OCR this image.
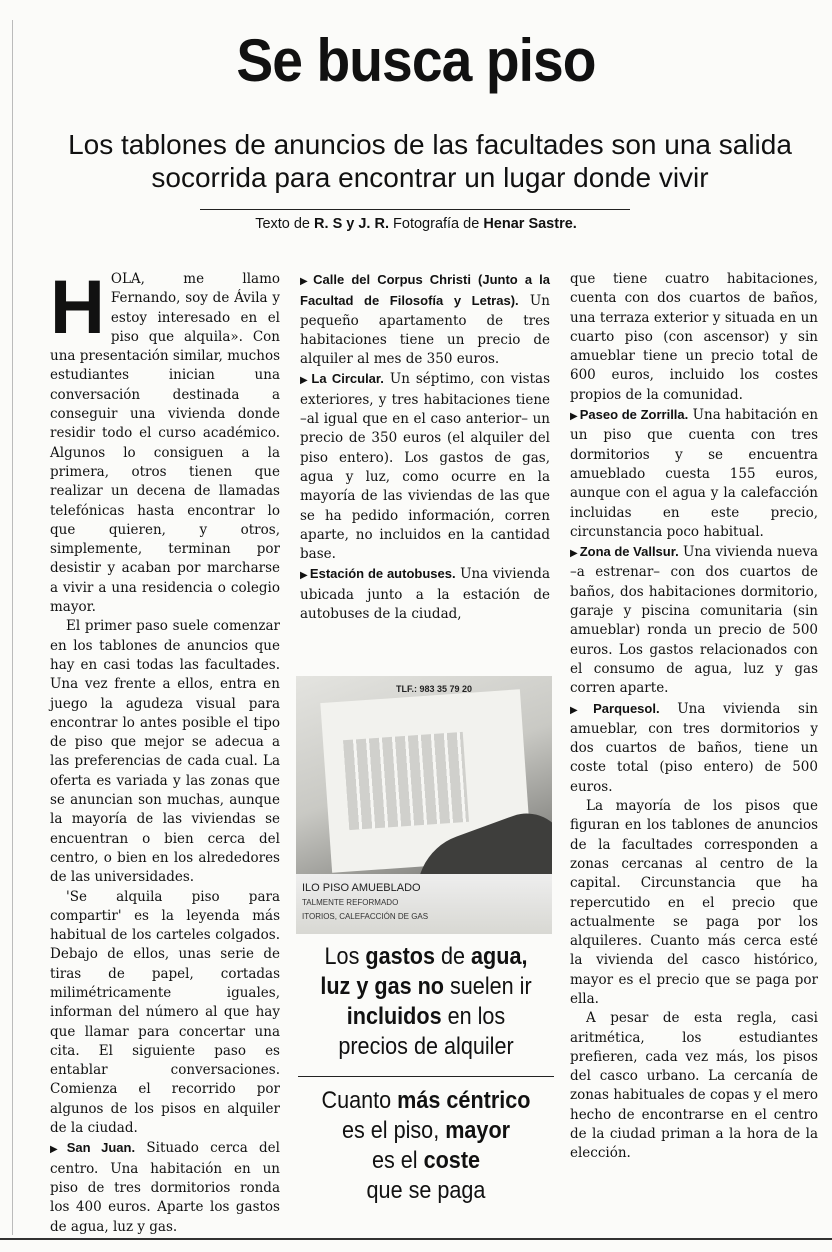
Se busca piso

Los tablones de anuncios de las facultades son una salida socorrida para encontrar un lugar donde vivir

Texto de R. S y J. R. Fotografía de Henar Sastre.
H OLA, me llamo Fernando, soy de Ávila y estoy interesado en el piso que alquila». Con una presentación similar, muchos estudiantes inician una conversación destinada a conseguir una vivienda donde residir todo el curso académico. Algunos lo consiguen a la primera, otros tienen que realizar un decena de llamadas telefónicas hasta encontrar lo que quieren, y otros, simplemente, terminan por desistir y acaban por marcharse a vivir a una residencia o colegio mayor.

El primer paso suele comenzar en los tablones de anuncios que hay en casi todas las facultades. Una vez frente a ellos, entra en juego la agudeza visual para encontrar lo antes posible el tipo de piso que mejor se adecua a las preferencias de cada cual. La oferta es variada y las zonas que se anuncian son muchas, aunque la mayoría de las viviendas se encuentran o bien cerca del centro, o bien en los alrededores de las universidades.

'Se alquila piso para compartir' es la leyenda más habitual de los carteles colgados. Debajo de ellos, unas serie de tiras de papel, cortadas milimétricamente iguales, informan del número al que hay que llamar para concertar una cita. El siguiente paso es entablar conversaciones. Comienza el recorrido por algunos de los pisos en alquiler de la ciudad.

▶ San Juan. Situado cerca del centro. Una habitación en un piso de tres dormitorios ronda los 400 euros. Aparte los gastos de agua, luz y gas.

▶ Calle del Corpus Christi (Junto a la Facultad de Filosofía y Letras). Un pequeño apartamento de tres habitaciones tiene un precio de alquiler al mes de 350 euros.

▶ La Circular. Un séptimo, con vistas exteriores, y tres habitaciones tiene –al igual que en el caso anterior– un precio de 350 euros (el alquiler del piso entero). Los gastos de gas, agua y luz, como ocurre en la mayoría de las viviendas de las que se ha pedido información, corren aparte, no incluidos en la cantidad base.

▶ Estación de autobuses. Una vivienda ubicada junto a la estación de autobuses de la ciudad,

TLF.: 983 35 79 20
ILO PISO AMUEBLADO
TALMENTE REFORMADO
ITORIOS, CALEFACCIÓN DE GAS
Los gastos de agua, luz y gas no suelen ir incluidos en los precios de alquiler
Cuanto más céntrico
es el piso, mayor
es el coste
que se paga

que tiene cuatro habitaciones, cuenta con dos cuartos de baños, una terraza exterior y situada en un cuarto piso (con ascensor) y sin amueblar tiene un precio total de 600 euros, incluido los costes propios de la comunidad.

▶ Paseo de Zorrilla. Una habitación en un piso que cuenta con tres dormitorios y se encuentra amueblado cuesta 155 euros, aunque con el agua y la calefacción incluidas en este precio, circunstancia poco habitual.

▶ Zona de Vallsur. Una vivienda nueva –a estrenar– con dos cuartos de baños, dos habitaciones dormitorio, garaje y piscina comunitaria (sin amueblar) ronda un precio de 500 euros. Los gastos relacionados con el consumo de agua, luz y gas corren aparte.

▶ Parquesol. Una vivienda sin amueblar, con tres dormitorios y dos cuartos de baños, tiene un coste total (piso entero) de 500 euros.

La mayoría de los pisos que figuran en los tablones de anuncios de la facultades corresponden a zonas cercanas al centro de la capital. Circunstancia que ha repercutido en el precio que actualmente se paga por los alquileres. Cuanto más cerca esté la vivienda del casco histórico, mayor es el precio que se paga por ella.

A pesar de esta regla, casi aritmética, los estudiantes prefieren, cada vez más, los pisos del casco urbano. La cercanía de zonas habituales de copas y el mero hecho de encontrarse en el centro de la ciudad priman a la hora de la elección.
